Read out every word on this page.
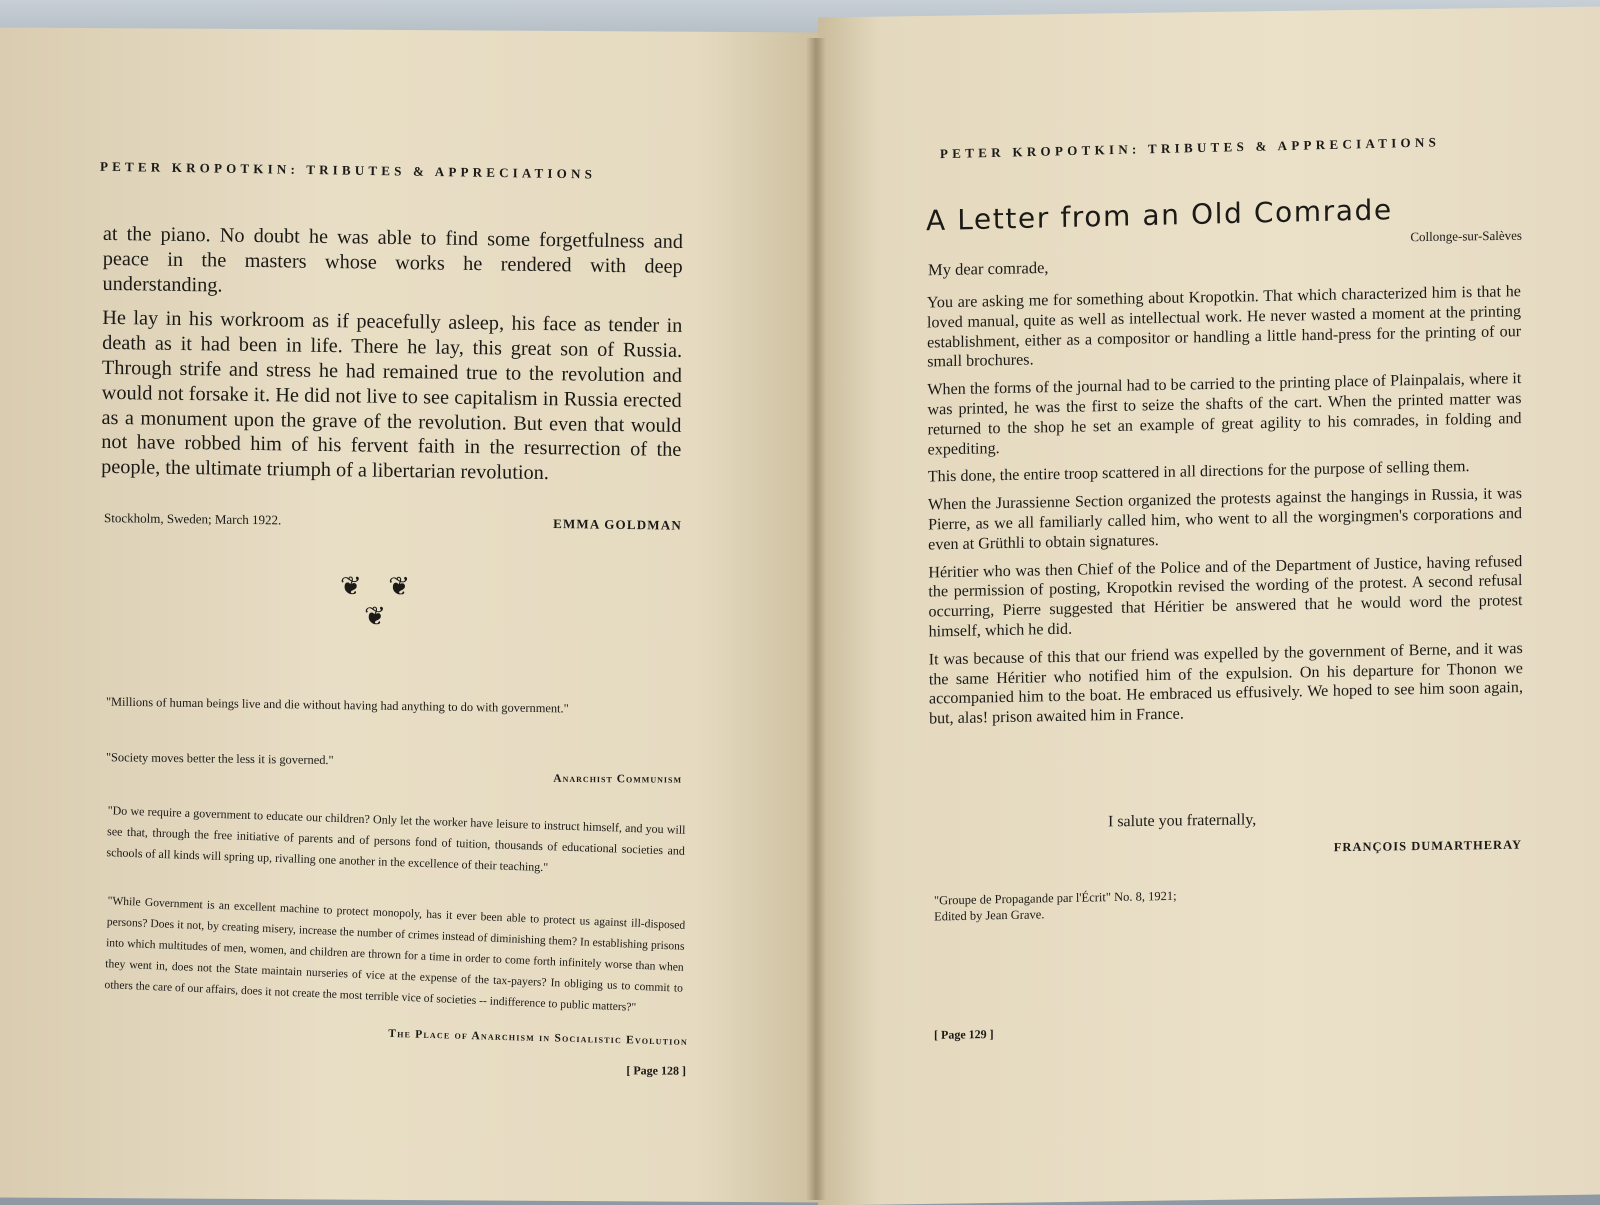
PETER KROPOTKIN: TRIBUTES & APPRECIATIONS

at the piano. No doubt he was able to find some forgetfulness and peace in the masters whose works he rendered with deep understanding.

He lay in his workroom as if peacefully asleep, his face as tender in death as it had been in life. There he lay, this great son of Russia. Through strife and stress he had remained true to the revolution and would not forsake it. He did not live to see capitalism in Russia erected as a monument upon the grave of the revolution. But even that would not have robbed him of his fervent faith in the resurrection of the people, the ultimate triumph of a libertarian revolution.

Stockholm, Sweden; March 1922.	EMMA GOLDMAN
❦ ❦ ❦
"Millions of human beings live and die without having had anything to do with government."
"Society moves better the less it is governed."
Anarchist Communism
"Do we require a government to educate our children? Only let the worker have leisure to instruct himself, and you will see that, through the free initiative of parents and of persons fond of tuition, thousands of educational societies and schools of all kinds will spring up, rivalling one another in the excellence of their teaching."
"While Government is an excellent machine to protect monopoly, has it ever been able to protect us against ill-disposed persons? Does it not, by creating misery, increase the number of crimes instead of diminishing them? In establishing prisons into which multitudes of men, women, and children are thrown for a time in order to come forth infinitely worse than when they went in, does not the State maintain nurseries of vice at the expense of the tax-payers? In obliging us to commit to others the care of our affairs, does it not create the most terrible vice of societies -- indifference to public matters?"
The Place of Anarchism in Socialistic Evolution
[ Page 128 ]
PETER KROPOTKIN: TRIBUTES & APPRECIATIONS
A Letter from an Old Comrade	Collonge-sur-Salèves
My dear comrade,

You are asking me for something about Kropotkin. That which characterized him is that he loved manual, quite as well as intellectual work. He never wasted a moment at the printing establishment, either as a compositor or handling a little hand-press for the printing of our small brochures.

When the forms of the journal had to be carried to the printing place of Plainpalais, where it was printed, he was the first to seize the shafts of the cart. When the printed matter was returned to the shop he set an example of great agility to his comrades, in folding and expediting.

This done, the entire troop scattered in all directions for the purpose of selling them.

When the Jurassienne Section organized the protests against the hangings in Russia, it was Pierre, as we all familiarly called him, who went to all the worgingmen's corporations and even at Grüthli to obtain signatures.

Héritier who was then Chief of the Police and of the Department of Justice, having refused the permission of posting, Kropotkin revised the wording of the protest. A second refusal occurring, Pierre suggested that Héritier be answered that he would word the protest himself, which he did.

It was because of this that our friend was expelled by the government of Berne, and it was the same Héritier who notified him of the expulsion. On his departure for Thonon we accompanied him to the boat. He embraced us effusively. We hoped to see him soon again, but, alas! prison awaited him in France.

I salute you fraternally,
FRANÇOIS DUMARTHERAY
"Groupe de Propagande par l'Écrit" No. 8, 1921;
Edited by Jean Grave.
[ Page 129 ]
